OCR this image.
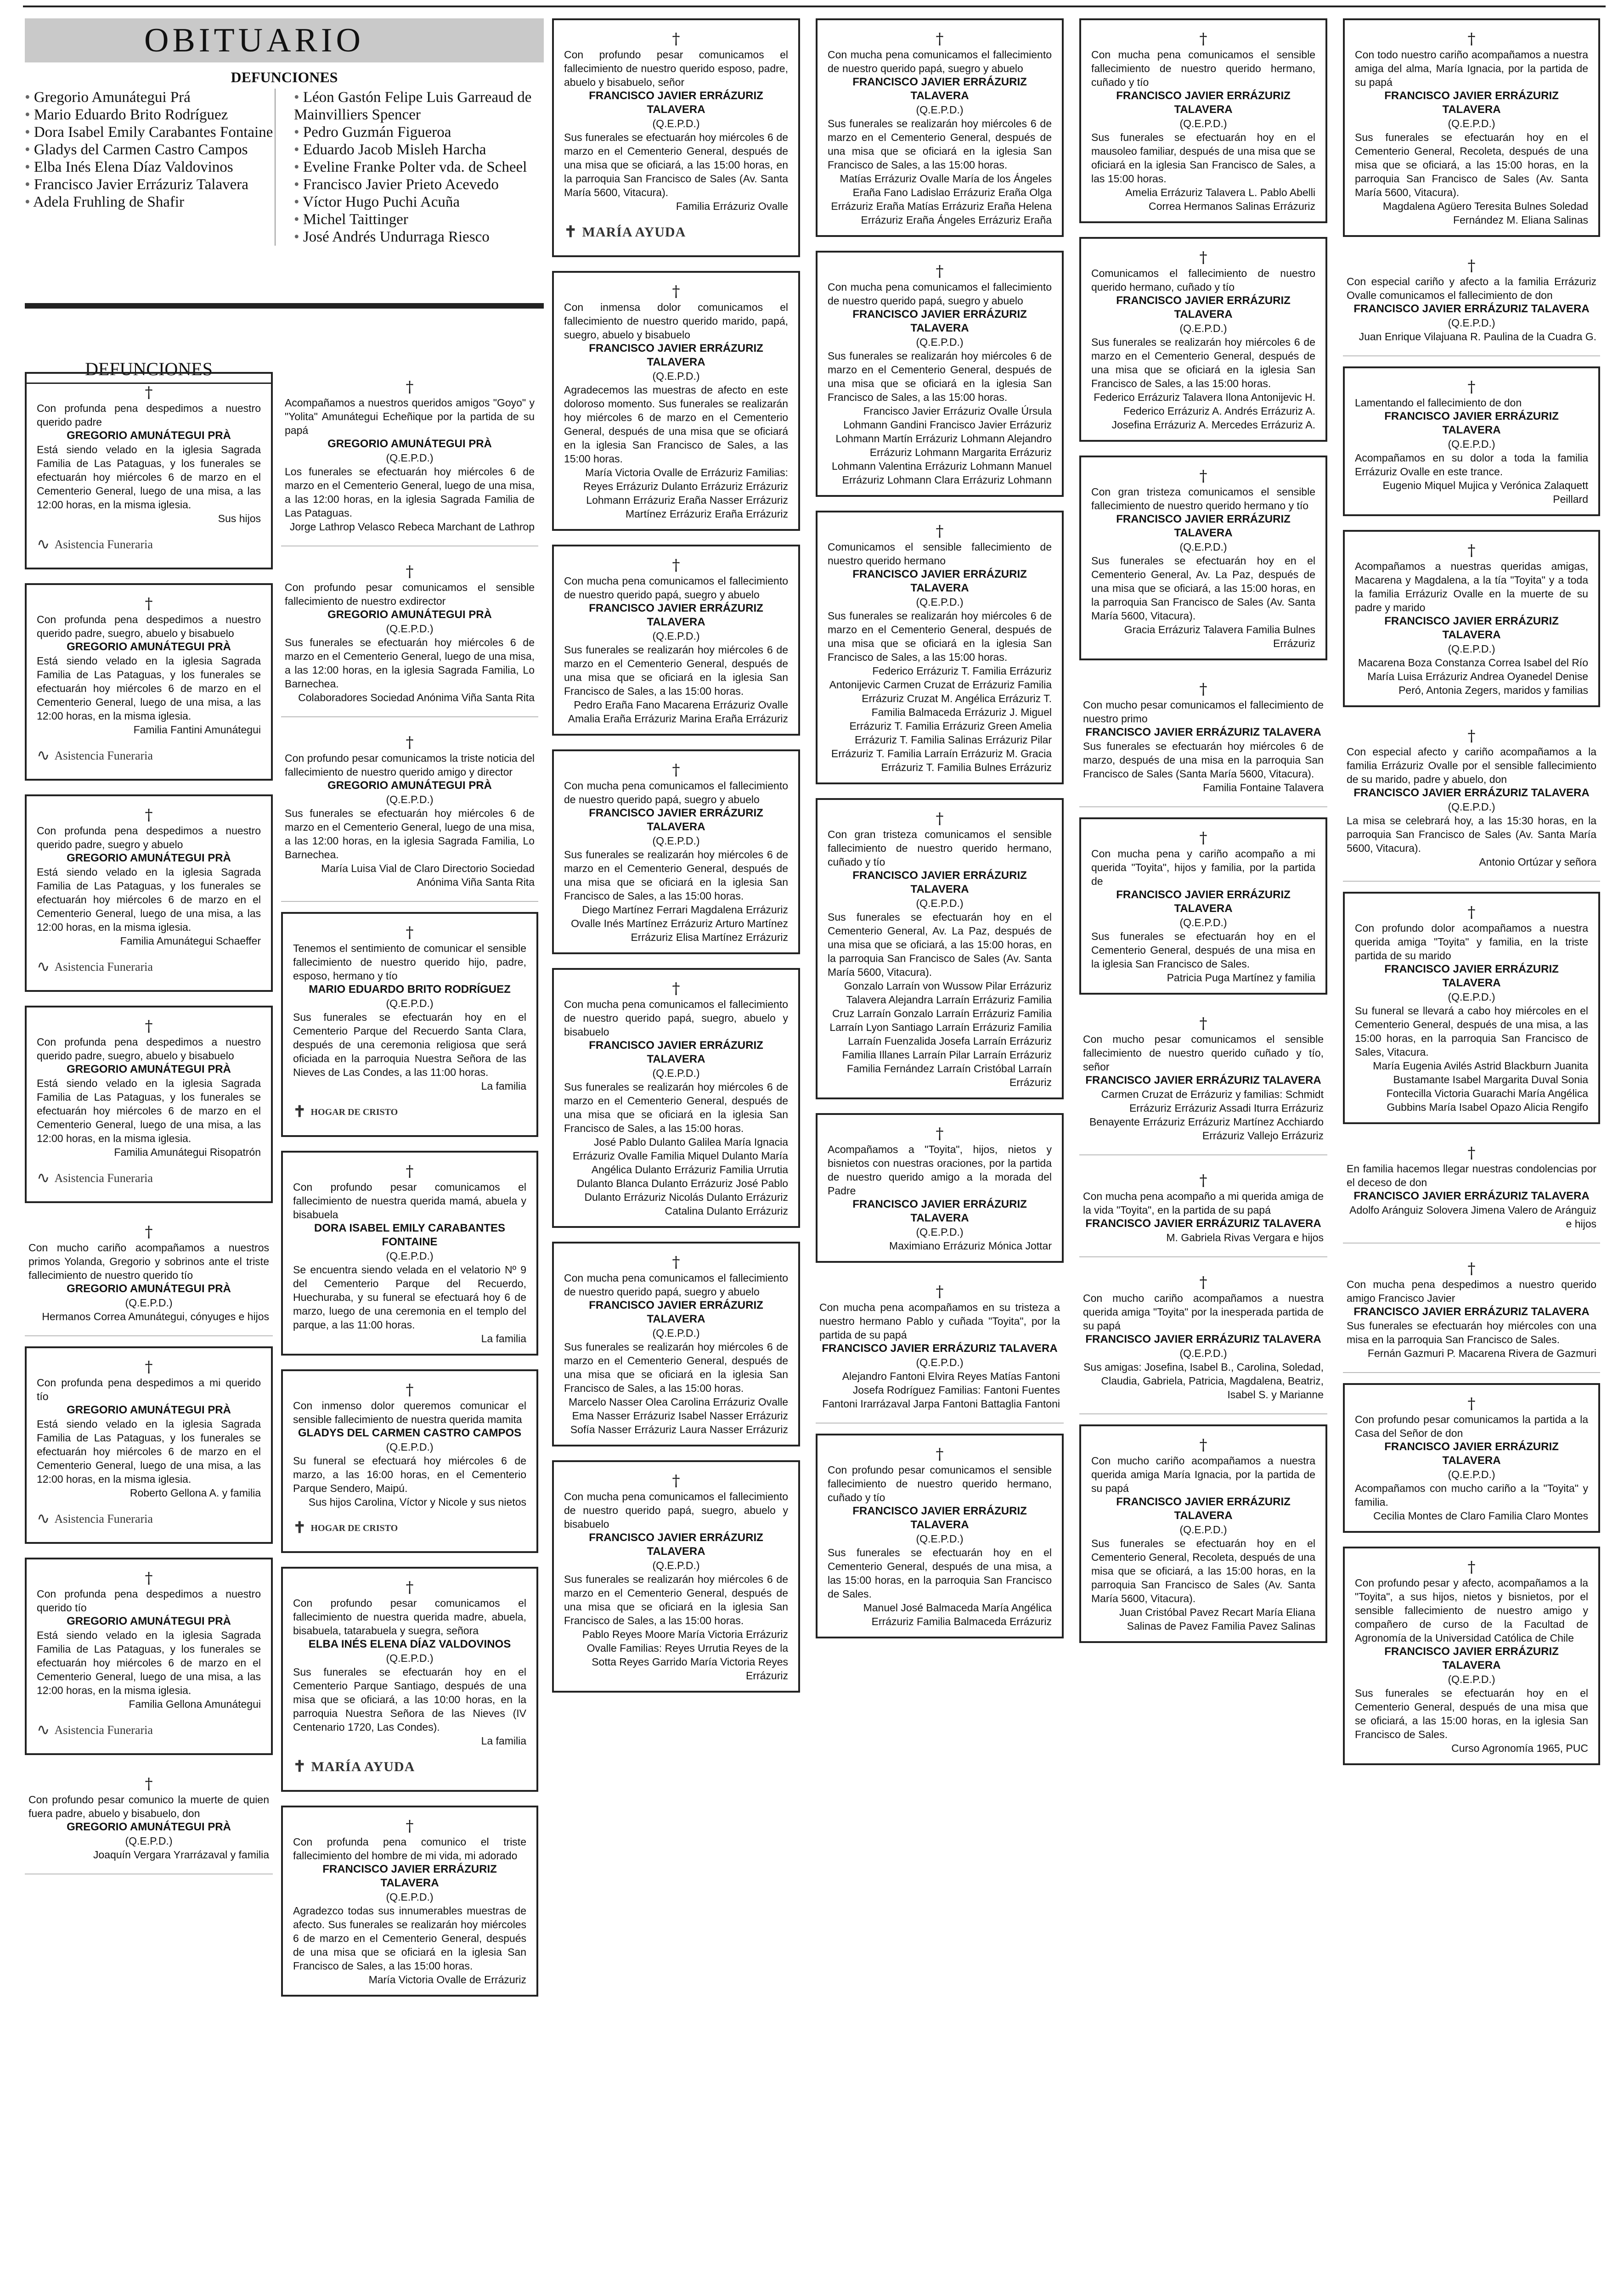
OBITUARIO
DEFUNCIONES
• Gregorio Amunátegui Prá
• Mario Eduardo Brito Rodríguez
• Dora Isabel Emily Carabantes Fontaine
• Gladys del Carmen Castro Campos
• Elba Inés Elena Díaz Valdovinos
• Francisco Javier Errázuriz Talavera
• Adela Fruhling de Shafir
• Léon Gastón Felipe Luis Garreaud de Mainvilliers Spencer
• Pedro Guzmán Figueroa
• Eduardo Jacob Misleh Harcha
• Eveline Franke Polter vda. de Scheel
• Francisco Javier Prieto Acevedo
• Víctor Hugo Puchi Acuña
• Michel Taittinger
• José Andrés Undurraga Riesco
DEFUNCIONES
†
Con profunda pena despedimos a nuestro querido padre
GREGORIO AMUNÁTEGUI PRÀ
Está siendo velado en la iglesia Sagrada Familia de Las Pataguas, y los funerales se efectuarán hoy miércoles 6 de marzo en el Cementerio General, luego de una misa, a las 12:00 horas, en la misma iglesia.
Sus hijos
∿ Asistencia Funeraria
†
Con profunda pena despedimos a nuestro querido padre, suegro, abuelo y bisabuelo
GREGORIO AMUNÁTEGUI PRÀ
Está siendo velado en la iglesia Sagrada Familia de Las Pataguas, y los funerales se efectuarán hoy miércoles 6 de marzo en el Cementerio General, luego de una misa, a las 12:00 horas, en la misma iglesia.
Familia Fantini Amunátegui
∿ Asistencia Funeraria
†
Con profunda pena despedimos a nuestro querido padre, suegro y abuelo
GREGORIO AMUNÁTEGUI PRÀ
Está siendo velado en la iglesia Sagrada Familia de Las Pataguas, y los funerales se efectuarán hoy miércoles 6 de marzo en el Cementerio General, luego de una misa, a las 12:00 horas, en la misma iglesia.
Familia Amunátegui Schaeffer
∿ Asistencia Funeraria
†
Con profunda pena despedimos a nuestro querido padre, suegro, abuelo y bisabuelo
GREGORIO AMUNÁTEGUI PRÀ
Está siendo velado en la iglesia Sagrada Familia de Las Pataguas, y los funerales se efectuarán hoy miércoles 6 de marzo en el Cementerio General, luego de una misa, a las 12:00 horas, en la misma iglesia.
Familia Amunátegui Risopatrón
∿ Asistencia Funeraria
†
Con mucho cariño acompañamos a nuestros primos Yolanda, Gregorio y sobrinos ante el triste fallecimiento de nuestro querido tío
GREGORIO AMUNÁTEGUI PRÀ
(Q.E.P.D.)
Hermanos Correa Amunátegui, cónyuges e hijos
†
Con profunda pena despedimos a mi querido tío
GREGORIO AMUNÁTEGUI PRÀ
Está siendo velado en la iglesia Sagrada Familia de Las Pataguas, y los funerales se efectuarán hoy miércoles 6 de marzo en el Cementerio General, luego de una misa, a las 12:00 horas, en la misma iglesia.
Roberto Gellona A. y familia
∿ Asistencia Funeraria
†
Con profunda pena despedimos a nuestro querido tío
GREGORIO AMUNÁTEGUI PRÀ
Está siendo velado en la iglesia Sagrada Familia de Las Pataguas, y los funerales se efectuarán hoy miércoles 6 de marzo en el Cementerio General, luego de una misa, a las 12:00 horas, en la misma iglesia.
Familia Gellona Amunátegui
∿ Asistencia Funeraria
†
Con profundo pesar comunico la muerte de quien fuera padre, abuelo y bisabuelo, don
GREGORIO AMUNÁTEGUI PRÀ
(Q.E.P.D.)
Joaquín Vergara Yrarrázaval y familia
†
Acompañamos a nuestros queridos amigos "Goyo" y "Yolita" Amunátegui Echeñique por la partida de su papá
GREGORIO AMUNÁTEGUI PRÀ
(Q.E.P.D.)
Los funerales se efectuarán hoy miércoles 6 de marzo en el Cementerio General, luego de una misa, a las 12:00 horas, en la iglesia Sagrada Familia de Las Pataguas.
Jorge Lathrop Velasco Rebeca Marchant de Lathrop
†
Con profundo pesar comunicamos el sensible fallecimiento de nuestro exdirector
GREGORIO AMUNÁTEGUI PRÀ
(Q.E.P.D.)
Sus funerales se efectuarán hoy miércoles 6 de marzo en el Cementerio General, luego de una misa, a las 12:00 horas, en la iglesia Sagrada Familia, Lo Barnechea.
Colaboradores Sociedad Anónima Viña Santa Rita
†
Con profundo pesar comunicamos la triste noticia del fallecimiento de nuestro querido amigo y director
GREGORIO AMUNÁTEGUI PRÀ
(Q.E.P.D.)
Sus funerales se efectuarán hoy miércoles 6 de marzo en el Cementerio General, luego de una misa, a las 12:00 horas, en la iglesia Sagrada Familia, Lo Barnechea.
María Luisa Vial de Claro Directorio Sociedad Anónima Viña Santa Rita
†
Tenemos el sentimiento de comunicar el sensible fallecimiento de nuestro querido hijo, padre, esposo, hermano y tío
MARIO EDUARDO BRITO RODRÍGUEZ
(Q.E.P.D.)
Sus funerales se efectuarán hoy en el Cementerio Parque del Recuerdo Santa Clara, después de una ceremonia religiosa que será oficiada en la parroquia Nuestra Señora de las Nieves de Las Condes, a las 11:00 horas.
La familia
✝ HOGAR DE CRISTO
†
Con profundo pesar comunicamos el fallecimiento de nuestra querida mamá, abuela y bisabuela
DORA ISABEL EMILY CARABANTES FONTAINE
(Q.E.P.D.)
Se encuentra siendo velada en el velatorio Nº 9 del Cementerio Parque del Recuerdo, Huechuraba, y su funeral se efectuará hoy 6 de marzo, luego de una ceremonia en el templo del parque, a las 11:00 horas.
La familia
†
Con inmenso dolor queremos comunicar el sensible fallecimiento de nuestra querida mamita
GLADYS DEL CARMEN CASTRO CAMPOS
(Q.E.P.D.)
Su funeral se efectuará hoy miércoles 6 de marzo, a las 16:00 horas, en el Cementerio Parque Sendero, Maipú.
Sus hijos Carolina, Víctor y Nicole y sus nietos
✝ HOGAR DE CRISTO
†
Con profundo pesar comunicamos el fallecimiento de nuestra querida madre, abuela, bisabuela, tatarabuela y suegra, señora
ELBA INÉS ELENA DÍAZ VALDOVINOS
(Q.E.P.D.)
Sus funerales se efectuarán hoy en el Cementerio Parque Santiago, después de una misa que se oficiará, a las 10:00 horas, en la parroquia Nuestra Señora de las Nieves (IV Centenario 1720, Las Condes).
La familia
✝ MARÍA AYUDA
†
Con profunda pena comunico el triste fallecimiento del hombre de mi vida, mi adorado
FRANCISCO JAVIER ERRÁZURIZ TALAVERA
(Q.E.P.D.)
Agradezco todas sus innumerables muestras de afecto. Sus funerales se realizarán hoy miércoles 6 de marzo en el Cementerio General, después de una misa que se oficiará en la iglesia San Francisco de Sales, a las 15:00 horas.
María Victoria Ovalle de Errázuriz
†
Con profundo pesar comunicamos el fallecimiento de nuestro querido esposo, padre, abuelo y bisabuelo, señor
FRANCISCO JAVIER ERRÁZURIZ TALAVERA
(Q.E.P.D.)
Sus funerales se efectuarán hoy miércoles 6 de marzo en el Cementerio General, después de una misa que se oficiará, a las 15:00 horas, en la parroquia San Francisco de Sales (Av. Santa María 5600, Vitacura).
Familia Errázuriz Ovalle
✝ MARÍA AYUDA
†
Con inmensa dolor comunicamos el fallecimiento de nuestro querido marido, papá, suegro, abuelo y bisabuelo
FRANCISCO JAVIER ERRÁZURIZ TALAVERA
(Q.E.P.D.)
Agradecemos las muestras de afecto en este doloroso momento. Sus funerales se realizarán hoy miércoles 6 de marzo en el Cementerio General, después de una misa que se oficiará en la iglesia San Francisco de Sales, a las 15:00 horas.
María Victoria Ovalle de Errázuriz Familias: Reyes Errázuriz Dulanto Errázuriz Errázuriz Lohmann Errázuriz Eraña Nasser Errázuriz Martínez Errázuriz Eraña Errázuriz
†
Con mucha pena comunicamos el fallecimiento de nuestro querido papá, suegro y abuelo
FRANCISCO JAVIER ERRÁZURIZ TALAVERA
(Q.E.P.D.)
Sus funerales se realizarán hoy miércoles 6 de marzo en el Cementerio General, después de una misa que se oficiará en la iglesia San Francisco de Sales, a las 15:00 horas.
Pedro Eraña Fano Macarena Errázuriz Ovalle Amalia Eraña Errázuriz Marina Eraña Errázuriz
†
Con mucha pena comunicamos el fallecimiento de nuestro querido papá, suegro y abuelo
FRANCISCO JAVIER ERRÁZURIZ TALAVERA
(Q.E.P.D.)
Sus funerales se realizarán hoy miércoles 6 de marzo en el Cementerio General, después de una misa que se oficiará en la iglesia San Francisco de Sales, a las 15:00 horas.
Diego Martínez Ferrari Magdalena Errázuriz Ovalle Inés Martínez Errázuriz Arturo Martínez Errázuriz Elisa Martínez Errázuriz
†
Con mucha pena comunicamos el fallecimiento de nuestro querido papá, suegro, abuelo y bisabuelo
FRANCISCO JAVIER ERRÁZURIZ TALAVERA
(Q.E.P.D.)
Sus funerales se realizarán hoy miércoles 6 de marzo en el Cementerio General, después de una misa que se oficiará en la iglesia San Francisco de Sales, a las 15:00 horas.
José Pablo Dulanto Galilea María Ignacia Errázuriz Ovalle Familia Miquel Dulanto María Angélica Dulanto Errázuriz Familia Urrutia Dulanto Blanca Dulanto Errázuriz José Pablo Dulanto Errázuriz Nicolás Dulanto Errázuriz Catalina Dulanto Errázuriz
†
Con mucha pena comunicamos el fallecimiento de nuestro querido papá, suegro y abuelo
FRANCISCO JAVIER ERRÁZURIZ TALAVERA
(Q.E.P.D.)
Sus funerales se realizarán hoy miércoles 6 de marzo en el Cementerio General, después de una misa que se oficiará en la iglesia San Francisco de Sales, a las 15:00 horas.
Marcelo Nasser Olea Carolina Errázuriz Ovalle Ema Nasser Errázuriz Isabel Nasser Errázuriz Sofía Nasser Errázuriz Laura Nasser Errázuriz
†
Con mucha pena comunicamos el fallecimiento de nuestro querido papá, suegro, abuelo y bisabuelo
FRANCISCO JAVIER ERRÁZURIZ TALAVERA
(Q.E.P.D.)
Sus funerales se realizarán hoy miércoles 6 de marzo en el Cementerio General, después de una misa que se oficiará en la iglesia San Francisco de Sales, a las 15:00 horas.
Pablo Reyes Moore María Victoria Errázuriz Ovalle Familias: Reyes Urrutia Reyes de la Sotta Reyes Garrido María Victoria Reyes Errázuriz
†
Con mucha pena comunicamos el fallecimiento de nuestro querido papá, suegro y abuelo
FRANCISCO JAVIER ERRÁZURIZ TALAVERA
(Q.E.P.D.)
Sus funerales se realizarán hoy miércoles 6 de marzo en el Cementerio General, después de una misa que se oficiará en la iglesia San Francisco de Sales, a las 15:00 horas.
Matías Errázuriz Ovalle María de los Ángeles Eraña Fano Ladislao Errázuriz Eraña Olga Errázuriz Eraña Matías Errázuriz Eraña Helena Errázuriz Eraña Ángeles Errázuriz Eraña
†
Con mucha pena comunicamos el fallecimiento de nuestro querido papá, suegro y abuelo
FRANCISCO JAVIER ERRÁZURIZ TALAVERA
(Q.E.P.D.)
Sus funerales se realizarán hoy miércoles 6 de marzo en el Cementerio General, después de una misa que se oficiará en la iglesia San Francisco de Sales, a las 15:00 horas.
Francisco Javier Errázuriz Ovalle Úrsula Lohmann Gandini Francisco Javier Errázuriz Lohmann Martín Errázuriz Lohmann Alejandro Errázuriz Lohmann Margarita Errázuriz Lohmann Valentina Errázuriz Lohmann Manuel Errázuriz Lohmann Clara Errázuriz Lohmann
†
Comunicamos el sensible fallecimiento de nuestro querido hermano
FRANCISCO JAVIER ERRÁZURIZ TALAVERA
(Q.E.P.D.)
Sus funerales se realizarán hoy miércoles 6 de marzo en el Cementerio General, después de una misa que se oficiará en la iglesia San Francisco de Sales, a las 15:00 horas.
Federico Errázuriz T. Familia Errázuriz Antonijevic Carmen Cruzat de Errázuriz Familia Errázuriz Cruzat M. Angélica Errázuriz T. Familia Balmaceda Errázuriz J. Miguel Errázuriz T. Familia Errázuriz Green Amelia Errázuriz T. Familia Salinas Errázuriz Pilar Errázuriz T. Familia Larraín Errázuriz M. Gracia Errázuriz T. Familia Bulnes Errázuriz
†
Con gran tristeza comunicamos el sensible fallecimiento de nuestro querido hermano, cuñado y tío
FRANCISCO JAVIER ERRÁZURIZ TALAVERA
(Q.E.P.D.)
Sus funerales se efectuarán hoy en el Cementerio General, Av. La Paz, después de una misa que se oficiará, a las 15:00 horas, en la parroquia San Francisco de Sales (Av. Santa María 5600, Vitacura).
Gonzalo Larraín von Wussow Pilar Errázuriz Talavera Alejandra Larraín Errázuriz Familia Cruz Larraín Gonzalo Larraín Errázuriz Familia Larraín Lyon Santiago Larraín Errázuriz Familia Larraín Fuenzalida Josefa Larraín Errázuriz Familia Illanes Larraín Pilar Larraín Errázuriz Familia Fernández Larraín Cristóbal Larraín Errázuriz
†
Acompañamos a "Toyita", hijos, nietos y bisnietos con nuestras oraciones, por la partida de nuestro querido amigo a la morada del Padre
FRANCISCO JAVIER ERRÁZURIZ TALAVERA
(Q.E.P.D.)
Maximiano Errázuriz Mónica Jottar
†
Con mucha pena acompañamos en su tristeza a nuestro hermano Pablo y cuñada "Toyita", por la partida de su papá
FRANCISCO JAVIER ERRÁZURIZ TALAVERA
(Q.E.P.D.)
Alejandro Fantoni Elvira Reyes Matías Fantoni Josefa Rodríguez Familias: Fantoni Fuentes Fantoni Irarrázaval Jarpa Fantoni Battaglia Fantoni
†
Con profundo pesar comunicamos el sensible fallecimiento de nuestro querido hermano, cuñado y tío
FRANCISCO JAVIER ERRÁZURIZ TALAVERA
(Q.E.P.D.)
Sus funerales se efectuarán hoy en el Cementerio General, después de una misa, a las 15:00 horas, en la parroquia San Francisco de Sales.
Manuel José Balmaceda María Angélica Errázuriz Familia Balmaceda Errázuriz
†
Con mucha pena comunicamos el sensible fallecimiento de nuestro querido hermano, cuñado y tío
FRANCISCO JAVIER ERRÁZURIZ TALAVERA
(Q.E.P.D.)
Sus funerales se efectuarán hoy en el mausoleo familiar, después de una misa que se oficiará en la iglesia San Francisco de Sales, a las 15:00 horas.
Amelia Errázuriz Talavera L. Pablo Abelli Correa Hermanos Salinas Errázuriz
†
Comunicamos el fallecimiento de nuestro querido hermano, cuñado y tío
FRANCISCO JAVIER ERRÁZURIZ TALAVERA
(Q.E.P.D.)
Sus funerales se realizarán hoy miércoles 6 de marzo en el Cementerio General, después de una misa que se oficiará en la iglesia San Francisco de Sales, a las 15:00 horas.
Federico Errázuriz Talavera Ilona Antonijevic H. Federico Errázuriz A. Andrés Errázuriz A. Josefina Errázuriz A. Mercedes Errázuriz A.
†
Con gran tristeza comunicamos el sensible fallecimiento de nuestro querido hermano y tío
FRANCISCO JAVIER ERRÁZURIZ TALAVERA
(Q.E.P.D.)
Sus funerales se efectuarán hoy en el Cementerio General, Av. La Paz, después de una misa que se oficiará, a las 15:00 horas, en la parroquia San Francisco de Sales (Av. Santa María 5600, Vitacura).
Gracia Errázuriz Talavera Familia Bulnes Errázuriz
†
Con mucho pesar comunicamos el fallecimiento de nuestro primo
FRANCISCO JAVIER ERRÁZURIZ TALAVERA
Sus funerales se efectuarán hoy miércoles 6 de marzo, después de una misa en la parroquia San Francisco de Sales (Santa María 5600, Vitacura).
Familia Fontaine Talavera
†
Con mucha pena y cariño acompaño a mi querida "Toyita", hijos y familia, por la partida de
FRANCISCO JAVIER ERRÁZURIZ TALAVERA
(Q.E.P.D.)
Sus funerales se efectuarán hoy en el Cementerio General, después de una misa en la iglesia San Francisco de Sales.
Patricia Puga Martínez y familia
†
Con mucho pesar comunicamos el sensible fallecimiento de nuestro querido cuñado y tío, señor
FRANCISCO JAVIER ERRÁZURIZ TALAVERA
Carmen Cruzat de Errázuriz y familias: Schmidt Errázuriz Errázuriz Assadi Iturra Errázuriz Benayente Errázuriz Errázuriz Martínez Acchiardo Errázuriz Vallejo Errázuriz
†
Con mucha pena acompaño a mi querida amiga de la vida "Toyita", en la partida de su papá
FRANCISCO JAVIER ERRÁZURIZ TALAVERA
M. Gabriela Rivas Vergara e hijos
†
Con mucho cariño acompañamos a nuestra querida amiga "Toyita" por la inesperada partida de su papá
FRANCISCO JAVIER ERRÁZURIZ TALAVERA
(Q.E.P.D.)
Sus amigas: Josefina, Isabel B., Carolina, Soledad, Claudia, Gabriela, Patricia, Magdalena, Beatriz, Isabel S. y Marianne
†
Con mucho cariño acompañamos a nuestra querida amiga María Ignacia, por la partida de su papá
FRANCISCO JAVIER ERRÁZURIZ TALAVERA
(Q.E.P.D.)
Sus funerales se efectuarán hoy en el Cementerio General, Recoleta, después de una misa que se oficiará, a las 15:00 horas, en la parroquia San Francisco de Sales (Av. Santa María 5600, Vitacura).
Juan Cristóbal Pavez Recart María Eliana Salinas de Pavez Familia Pavez Salinas
†
Con todo nuestro cariño acompañamos a nuestra amiga del alma, María Ignacia, por la partida de su papá
FRANCISCO JAVIER ERRÁZURIZ TALAVERA
(Q.E.P.D.)
Sus funerales se efectuarán hoy en el Cementerio General, Recoleta, después de una misa que se oficiará, a las 15:00 horas, en la parroquia San Francisco de Sales (Av. Santa María 5600, Vitacura).
Magdalena Agüero Teresita Bulnes Soledad Fernández M. Eliana Salinas
†
Con especial cariño y afecto a la familia Errázuriz Ovalle comunicamos el fallecimiento de don
FRANCISCO JAVIER ERRÁZURIZ TALAVERA
(Q.E.P.D.)
Juan Enrique Vilajuana R. Paulina de la Cuadra G.
†
Lamentando el fallecimiento de don
FRANCISCO JAVIER ERRÁZURIZ TALAVERA
(Q.E.P.D.)
Acompañamos en su dolor a toda la familia Errázuriz Ovalle en este trance.
Eugenio Miquel Mujica y Verónica Zalaquett Peillard
†
Acompañamos a nuestras queridas amigas, Macarena y Magdalena, a la tía "Toyita" y a toda la familia Errázuriz Ovalle en la muerte de su padre y marido
FRANCISCO JAVIER ERRÁZURIZ TALAVERA
(Q.E.P.D.)
Macarena Boza Constanza Correa Isabel del Río María Luisa Errázuriz Andrea Oyanedel Denise Peró, Antonia Zegers, maridos y familias
†
Con especial afecto y cariño acompañamos a la familia Errázuriz Ovalle por el sensible fallecimiento de su marido, padre y abuelo, don
FRANCISCO JAVIER ERRÁZURIZ TALAVERA
(Q.E.P.D.)
La misa se celebrará hoy, a las 15:30 horas, en la parroquia San Francisco de Sales (Av. Santa María 5600, Vitacura).
Antonio Ortúzar y señora
†
Con profundo dolor acompañamos a nuestra querida amiga "Toyita" y familia, en la triste partida de su marido
FRANCISCO JAVIER ERRÁZURIZ TALAVERA
(Q.E.P.D.)
Su funeral se llevará a cabo hoy miércoles en el Cementerio General, después de una misa, a las 15:00 horas, en la parroquia San Francisco de Sales, Vitacura.
María Eugenia Avilés Astrid Blackburn Juanita Bustamante Isabel Margarita Duval Sonia Fontecilla Victoria Guarachi María Angélica Gubbins María Isabel Opazo Alicia Rengifo
†
En familia hacemos llegar nuestras condolencias por el deceso de don
FRANCISCO JAVIER ERRÁZURIZ TALAVERA
Adolfo Aránguiz Solovera Jimena Valero de Aránguiz e hijos
†
Con mucha pena despedimos a nuestro querido amigo Francisco Javier
FRANCISCO JAVIER ERRÁZURIZ TALAVERA
Sus funerales se efectuarán hoy miércoles con una misa en la parroquia San Francisco de Sales.
Fernán Gazmuri P. Macarena Rivera de Gazmuri
†
Con profundo pesar comunicamos la partida a la Casa del Señor de don
FRANCISCO JAVIER ERRÁZURIZ TALAVERA
(Q.E.P.D.)
Acompañamos con mucho cariño a la "Toyita" y familia.
Cecilia Montes de Claro Familia Claro Montes
†
Con profundo pesar y afecto, acompañamos a la "Toyita", a sus hijos, nietos y bisnietos, por el sensible fallecimiento de nuestro amigo y compañero de curso de la Facultad de Agronomía de la Universidad Católica de Chile
FRANCISCO JAVIER ERRÁZURIZ TALAVERA
(Q.E.P.D.)
Sus funerales se efectuarán hoy en el Cementerio General, después de una misa que se oficiará, a las 15:00 horas, en la iglesia San Francisco de Sales.
Curso Agronomía 1965, PUC
